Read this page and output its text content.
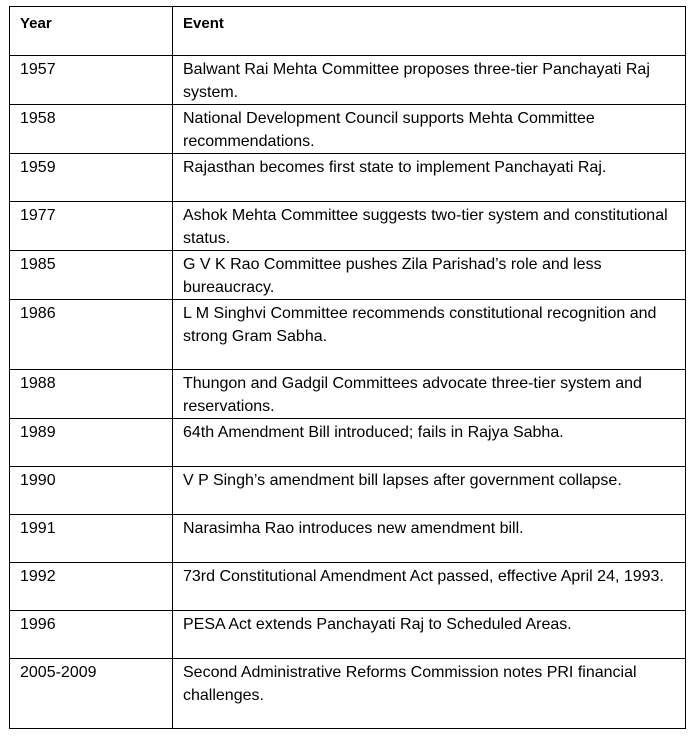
Year	Event
1957	Balwant Rai Mehta Committee proposes three-tier Panchayati Raj system.
1958	National Development Council supports Mehta Committee recommendations.
1959	Rajasthan becomes first state to implement Panchayati Raj.
1977	Ashok Mehta Committee suggests two-tier system and constitutional status.
1985	G V K Rao Committee pushes Zila Parishad’s role and less bureaucracy.
1986	L M Singhvi Committee recommends constitutional recognition and strong Gram Sabha.
1988	Thungon and Gadgil Committees advocate three-tier system and reservations.
1989	64th Amendment Bill introduced; fails in Rajya Sabha.
1990	V P Singh’s amendment bill lapses after government collapse.
1991	Narasimha Rao introduces new amendment bill.
1992	73rd Constitutional Amendment Act passed, effective April 24, 1993.
1996	PESA Act extends Panchayati Raj to Scheduled Areas.
2005-2009	Second Administrative Reforms Commission notes PRI financial challenges.
